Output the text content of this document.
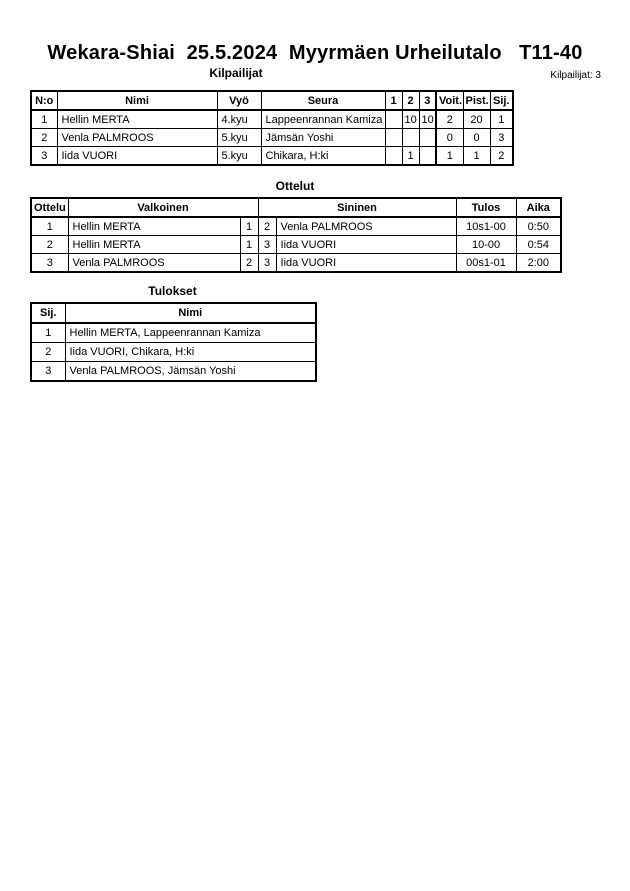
Wekara-Shiai  25.5.2024  Myyrmäen Urheilutalo   T11-40
Kilpailijat: 3
Kilpailijat
N:o	Nimi	Vyö	Seura	1	2	3	Voit.	Pist.	Sij.
1	Hellin MERTA	4.kyu	Lappeenrannan Kamiza		10	10	2	20	1
2	Venla PALMROOS	5.kyu	Jämsän Yoshi				0	0	3
3	Iida VUORI	5.kyu	Chikara, H:ki		1		1	1	2
Ottelut
Ottelu	Valkoinen		Sininen		Tulos	Aika
1	Hellin MERTA	1	2	Venla PALMROOS	10s1-00	0:50
2	Hellin MERTA	1	3	Iida VUORI	10-00	0:54
3	Venla PALMROOS	2	3	Iida VUORI	00s1-01	2:00
Tulokset
Sij.	Nimi
1	Hellin MERTA, Lappeenrannan Kamiza
2	Iida VUORI, Chikara, H:ki
3	Venla PALMROOS, Jämsän Yoshi
